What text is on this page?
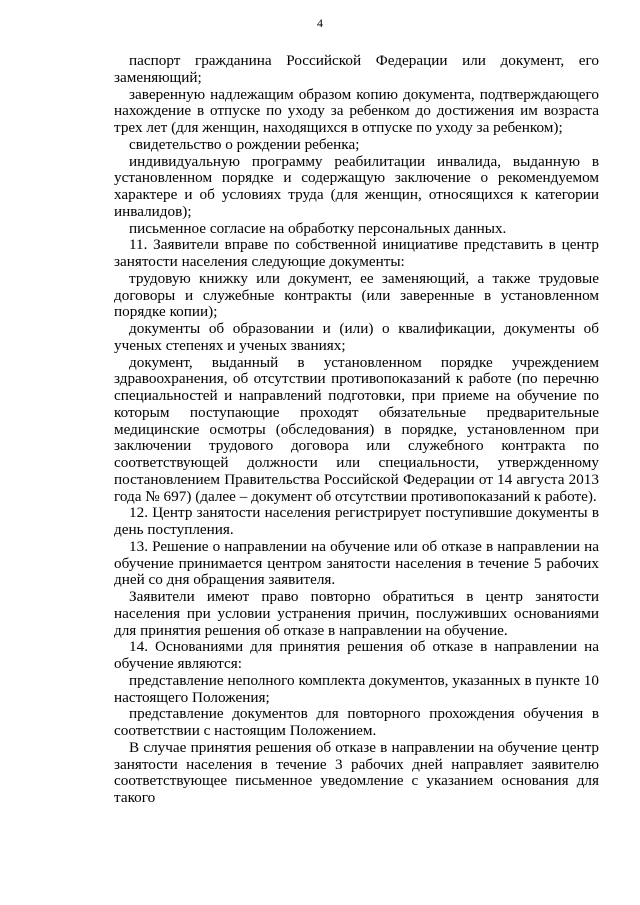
4

паспорт гражданина Российской Федерации или документ, его заменяющий;

заверенную надлежащим образом копию документа, подтверждающего нахождение в отпуске по уходу за ребенком до достижения им возраста трех лет (для женщин, находящихся в отпуске по уходу за ребенком);

свидетельство о рождении ребенка;

индивидуальную программу реабилитации инвалида, выданную в установленном порядке и содержащую заключение о рекомендуемом характере и об условиях труда (для женщин, относящихся к категории инвалидов);

письменное согласие на обработку персональных данных.

11. Заявители вправе по собственной инициативе представить в центр занятости населения следующие документы:

трудовую книжку или документ, ее заменяющий, а также трудовые договоры и служебные контракты (или заверенные в установленном порядке копии);

документы об образовании и (или) о квалификации, документы об ученых степенях и ученых званиях;

документ, выданный в установленном порядке учреждением здравоохранения, об отсутствии противопоказаний к работе (по перечню специальностей и направлений подготовки, при приеме на обучение по которым поступающие проходят обязательные предварительные медицинские осмотры (обследования) в порядке, установленном при заключении трудового договора или служебного контракта по соответствующей должности или специальности, утвержденному постановлением Правительства Российской Федерации от 14 августа 2013 года № 697) (далее – документ об отсутствии противопоказаний к работе).

12. Центр занятости населения регистрирует поступившие документы в день поступления.

13. Решение о направлении на обучение или об отказе в направлении на обучение принимается центром занятости населения в течение 5 рабочих дней со дня обращения заявителя.

Заявители имеют право повторно обратиться в центр занятости населения при условии устранения причин, послуживших основаниями для принятия решения об отказе в направлении на обучение.

14. Основаниями для принятия решения об отказе в направлении на обучение являются:

представление неполного комплекта документов, указанных в пункте 10 настоящего Положения;

представление документов для повторного прохождения обучения в соответствии с настоящим Положением.

В случае принятия решения об отказе в направлении на обучение центр занятости населения в течение 3 рабочих дней направляет заявителю соответствующее письменное уведомление с указанием основания для такого
